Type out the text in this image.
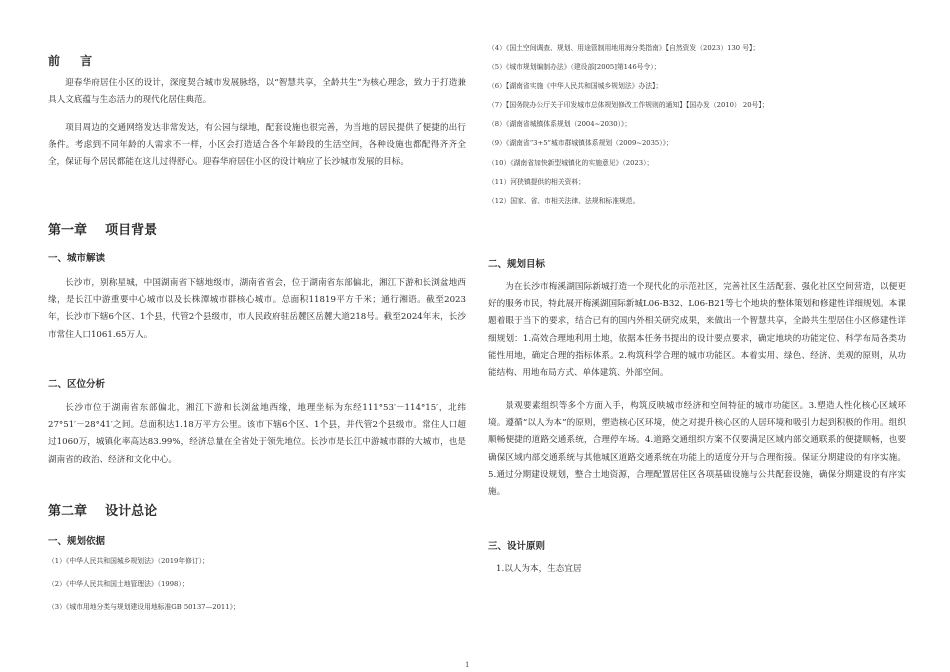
前 言

迎春华府居住小区的设计，深度契合城市发展脉络，以“智慧共享，全龄共生”为核心理念，致力于打造兼具人文底蕴与生态活力的现代化居住典范。

项目周边的交通网络发达非常发达，有公园与绿地，配套设施也很完善，为当地的居民提供了便捷的出行条件。考虑到不同年龄的人需求不一样，小区会打造适合各个年龄段的生活空间，各种设施也都配得齐齐全全，保证每个居民都能在这儿过得舒心。迎春华府居住小区的设计响应了长沙城市发展的目标。

第一章    项目背景
一、城市解读

长沙市，别称星城，中国湖南省下辖地级市，湖南省省会，位于湖南省东部偏北，湘江下游和长浏盆地西缘，是长江中游重要中心城市以及长株潭城市群核心城市。总面积11819平方千米；通行湘语。截至2023年，长沙市下辖6个区、1个县，代管2个县级市，市人民政府驻岳麓区岳麓大道218号。截至2024年末，长沙市常住人口1061.65万人。

二、区位分析

长沙市位于湖南省东部偏北，湘江下游和长浏盆地西缘，地理坐标为东经111°53′－114°15′，北纬27°51′－28°41′之间。总面积达1.18万平方公里。该市下辖6个区、1个县，并代管2个县级市。常住人口超过1060万，城镇化率高达83.99%，经济总量在全省处于领先地位。长沙市是长江中游城市群的大城市，也是湖南省的政治、经济和文化中心。

第二章    设计总论
一、规划依据
（1）《中华人民共和国城乡规划法》（2019年修订）；
（2）《中华人民共和国土地管理法》（1998）；
（3）《城市用地分类与规划建设用地标准GB 50137—2011》；
（4）《国土空间调查、规划、用途管制用地用海分类指南》【自然资发（2023）130 号】；
（5）《城市规划编制办法》（建设部[2005]第146号令）；
（6）【湖南省实施《中华人民共和国城乡规划法》办法】；
（7）【国务院办公厅关于印发城市总体规划修改工作规则的通知】【国办发（2010） 20号】；
（8）《湖南省城镇体系规划（2004~2030）》；
（9）《湖南省“3+5”城市群城镇体系规划（2009~2035）》；
（10）《湖南省加快新型城镇化的实施意见》（2023）；
（11）河狭镇提供的相关资料；
（12）国家、省、市相关法律、法规和标准规范。
二、规划目标

为在长沙市梅溪湖国际新城打造一个现代化的示范社区，完善社区生活配套、强化社区空间营造，以便更好的服务市民，特此展开梅溪湖国际新城L06-B32、L06-B21等七个地块的整体策划和修建性详细规划。本课题着眼于当下的要求，结合已有的国内外相关研究成果，来做出一个智慧共享，全龄共生型居住小区修建性详细规划：1.高效合理地利用土地，依据本任务书提出的设计要点要求，确定地块的功能定位、科学布局各类功能性用地，确定合理的指标体系。2.构筑科学合理的城市功能区。本着实用、绿色、经济、美观的原则，从功能结构、用地布局方式、单体建筑、外部空间。

景观要素组织等多个方面入手，构筑反映城市经济和空间特征的城市功能区。3.塑造人性化核心区域环境。遵循“以人为本”的原则，塑造核心区环境，使之对提升核心区的人居环境和吸引力起到积极的作用。组织顺畅便捷的道路交通系统，合理停车场。4.道路交通组织方案不仅要满足区域内部交通联系的便捷顺畅，也要确保区域内部交通系统与其他城区道路交通系统在功能上的适度分开与合理衔接。保证分期建设的有序实施。5.通过分期建设规划，整合土地资源，合理配置居住区各项基础设施与公共配套设施，确保分期建设的有序实施。

三、设计原则
1.以人为本，生态宜居
1
